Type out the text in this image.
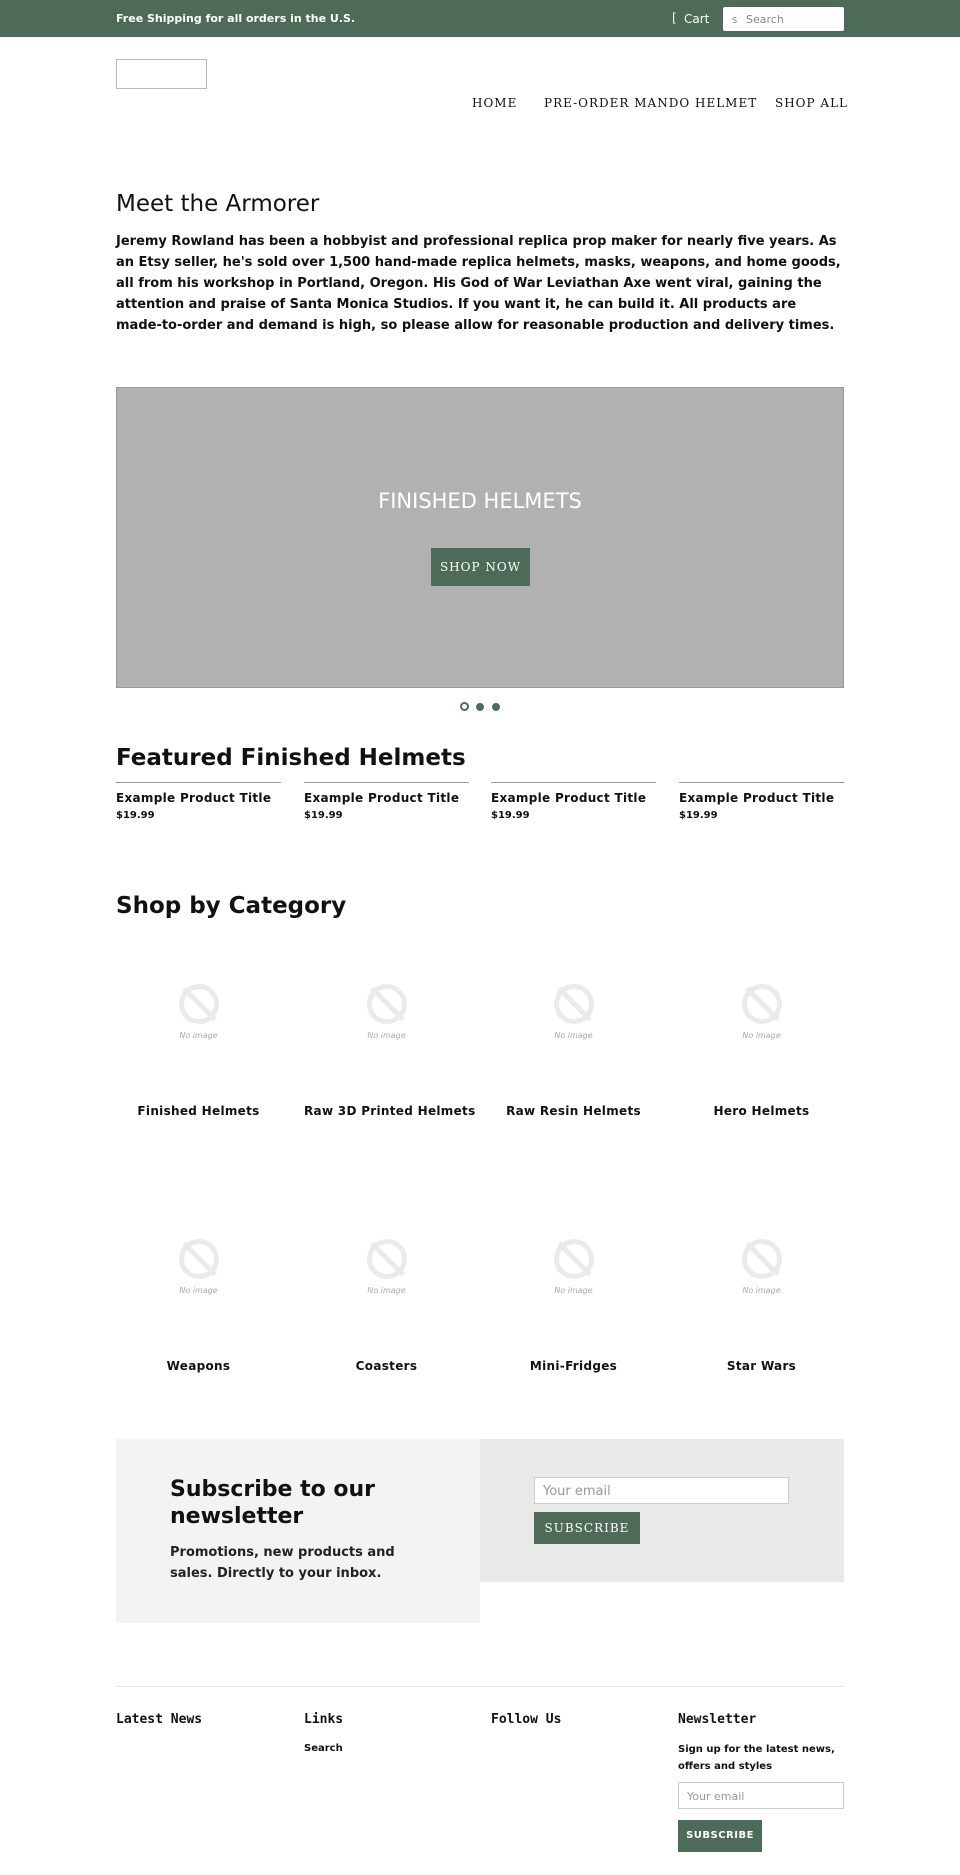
Free Shipping for all orders in the U.S.	[ Cart	S
Search
HOME PRE-ORDER MANDO HELMET SHOP ALL
Meet the Armorer

Jeremy Rowland has been a hobbyist and professional replica prop maker for nearly five years. As an Etsy seller, he's sold over 1,500 hand-made replica helmets, masks, weapons, and home goods, all from his workshop in Portland, Oregon. His God of War Leviathan Axe went viral, gaining the attention and praise of Santa Monica Studios. If you want it, he can build it. All products are made-to-order and demand is high, so please allow for reasonable production and delivery times.

FINISHED HELMETS
SHOP NOW
Featured Finished Helmets
Example Product Title
$19.99
Example Product Title
$19.99
Example Product Title
$19.99
Example Product Title
$19.99
Shop by Category
No image
Finished Helmets
No image
Raw 3D Printed Helmets
No image
Raw Resin Helmets
No image
Hero Helmets
No image
Weapons
No image
Coasters
No image
Mini-Fridges
No image
Star Wars
Subscribe to our newsletter

Promotions, new products and sales. Directly to your inbox.

Your email
SUBSCRIBE
Latest News	Links	Follow Us	Newsletter
Search	Sign up for the latest news, offers and styles

Your email
SUBSCRIBE
